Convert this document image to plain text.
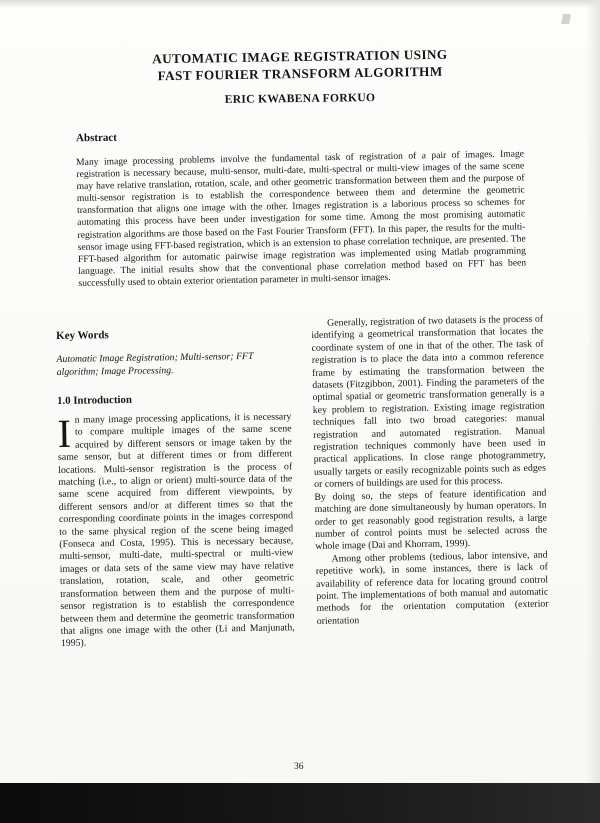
AUTOMATIC IMAGE REGISTRATION USING
FAST FOURIER TRANSFORM ALGORITHM
ERIC KWABENA FORKUO
Abstract

Many image processing problems involve the fundamental task of registration of a pair of images. Image registration is necessary because, multi-sensor, multi-date, multi-spectral or multi-view images of the same scene may have relative translation, rotation, scale, and other geometric transformation between them and the purpose of multi-sensor registration is to establish the correspondence between them and determine the geometric transformation that aligns one image with the other. Images registration is a laborious process so schemes for automating this process have been under investigation for some time. Among the most promising automatic registration algorithms are those based on the Fast Fourier Transform (FFT). In this paper, the results for the multi-sensor image using FFT-based registration, which is an extension to phase correlation technique, are presented. The FFT-based algorithm for automatic pairwise image registration was implemented using Matlab programming language. The initial results show that the conventional phase correlation method based on FFT has been successfully used to obtain exterior orientation parameter in multi-sensor images.

Key Words

Automatic Image Registration; Multi-sensor; FFT algorithm; Image Processing.

1.0 Introduction

In many image processing applications, it is necessary to compare multiple images of the same scene acquired by different sensors or image taken by the same sensor, but at different times or from different locations. Multi-sensor registration is the process of matching (i.e., to align or orient) multi-source data of the same scene acquired from different viewpoints, by different sensors and/or at different times so that the corresponding coordinate points in the images correspond to the same physical region of the scene being imaged (Fonseca and Costa, 1995). This is necessary because, multi-sensor, multi-date, multi-spectral or multi-view images or data sets of the same view may have relative translation, rotation, scale, and other geometric transformation between them and the purpose of multi-sensor registration is to establish the correspondence between them and determine the geometric transformation that aligns one image with the other (Li and Manjunath, 1995).

Generally, registration of two datasets is the process of identifying a geometrical transformation that locates the coordinate system of one in that of the other. The task of registration is to place the data into a common reference frame by estimating the transformation between the datasets (Fitzgibbon, 2001). Finding the parameters of the optimal spatial or geometric transformation generally is a key problem to registration. Existing image registration techniques fall into two broad categories: manual registration and automated registration. Manual registration techniques commonly have been used in practical applications. In close range photogrammetry, usually targets or easily recognizable points such as edges or corners of buildings are used for this process.

By doing so, the steps of feature identification and matching are done simultaneously by human operators. In order to get reasonably good registration results, a large number of control points must be selected across the whole image (Dai and Khorram, 1999).

Among other problems (tedious, labor intensive, and repetitive work), in some instances, there is lack of availability of reference data for locating ground control point. The implementations of both manual and automatic methods for the orientation computation (exterior orientation

36
